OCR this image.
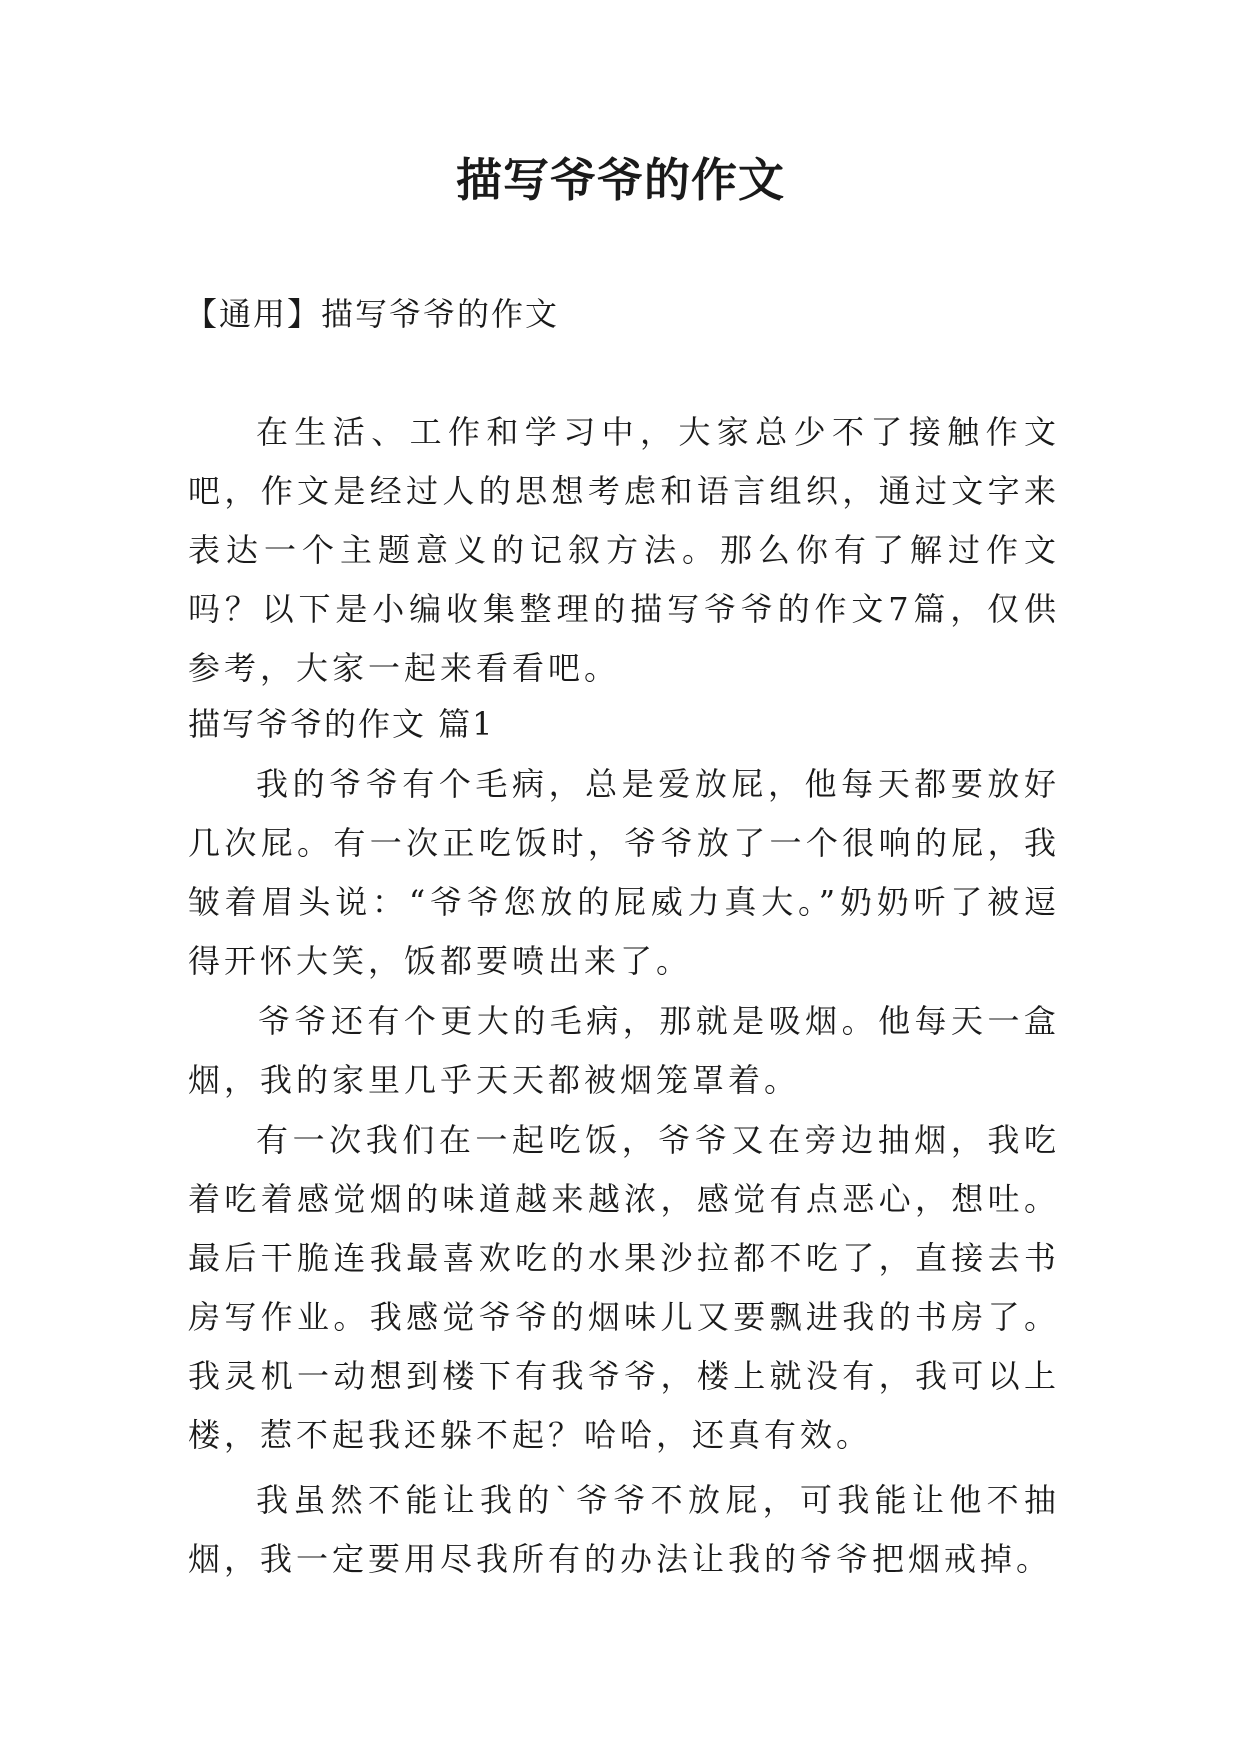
描写爷爷的作文

【通用】描写爷爷的作文

在生活、工作和学习中，大家总少不了接触作文吧，作文是经过人的思想考虑和语言组织，通过文字来表达一个主题意义的记叙方法。那么你有了解过作文吗？以下是小编收集整理的描写爷爷的作文7篇，仅供参考，大家一起来看看吧。

描写爷爷的作文 篇1

我的爷爷有个毛病，总是爱放屁，他每天都要放好几次屁。有一次正吃饭时，爷爷放了一个很响的屁，我皱着眉头说：“爷爷您放的屁威力真大。”奶奶听了被逗得开怀大笑，饭都要喷出来了。

爷爷还有个更大的毛病，那就是吸烟。他每天一盒烟，我的家里几乎天天都被烟笼罩着。

有一次我们在一起吃饭，爷爷又在旁边抽烟，我吃着吃着感觉烟的味道越来越浓，感觉有点恶心，想吐。最后干脆连我最喜欢吃的水果沙拉都不吃了，直接去书房写作业。我感觉爷爷的烟味儿又要飘进我的书房了。我灵机一动想到楼下有我爷爷，楼上就没有，我可以上楼，惹不起我还躲不起？哈哈，还真有效。

我虽然不能让我的`爷爷不放屁，可我能让他不抽烟，我一定要用尽我所有的办法让我的爷爷把烟戒掉。
